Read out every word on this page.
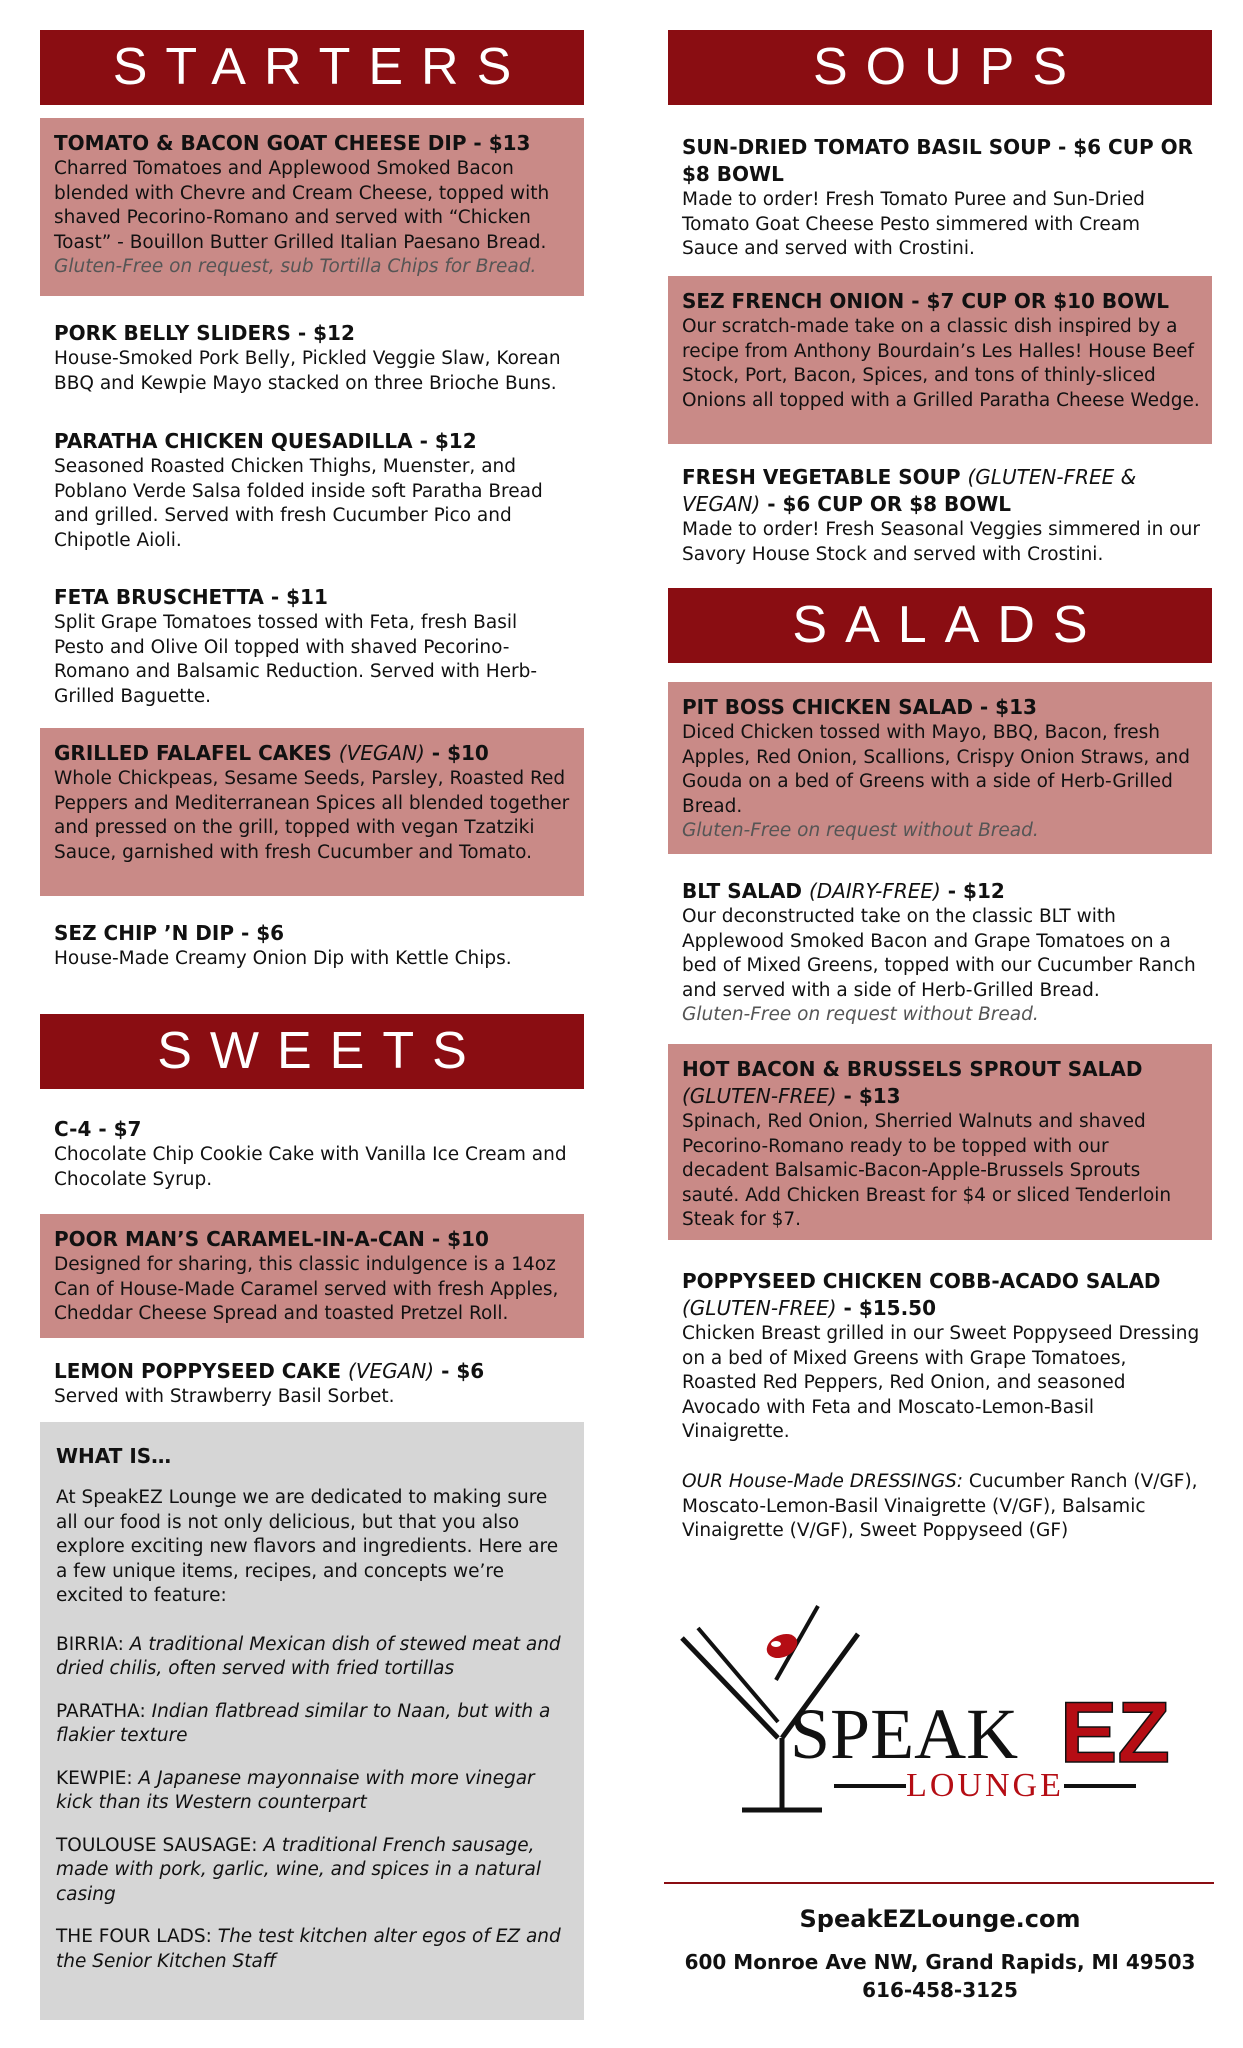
STARTERS
TOMATO & BACON GOAT CHEESE DIP - $13
Charred Tomatoes and Applewood Smoked Bacon blended with Chevre and Cream Cheese, topped with shaved Pecorino-Romano and served with “Chicken Toast” - Bouillon Butter Grilled Italian Paesano Bread.
Gluten-Free on request, sub Tortilla Chips for Bread.
PORK BELLY SLIDERS - $12
House-Smoked Pork Belly, Pickled Veggie Slaw, Korean BBQ and Kewpie Mayo stacked on three Brioche Buns.
PARATHA CHICKEN QUESADILLA - $12
Seasoned Roasted Chicken Thighs, Muenster, and Poblano Verde Salsa folded inside soft Paratha Bread and grilled. Served with fresh Cucumber Pico and Chipotle Aioli.
FETA BRUSCHETTA - $11
Split Grape Tomatoes tossed with Feta, fresh Basil Pesto and Olive Oil topped with shaved Pecorino-Romano and Balsamic Reduction. Served with Herb-Grilled Baguette.
GRILLED FALAFEL CAKES (VEGAN) - $10
Whole Chickpeas, Sesame Seeds, Parsley, Roasted Red Peppers and Mediterranean Spices all blended together and pressed on the grill, topped with vegan Tzatziki Sauce, garnished with fresh Cucumber and Tomato.
SEZ CHIP ’N DIP - $6
House-Made Creamy Onion Dip with Kettle Chips.
SWEETS
C-4 - $7
Chocolate Chip Cookie Cake with Vanilla Ice Cream and Chocolate Syrup.
POOR MAN’S CARAMEL-IN-A-CAN - $10
Designed for sharing, this classic indulgence is a 14oz Can of House-Made Caramel served with fresh Apples, Cheddar Cheese Spread and toasted Pretzel Roll.
LEMON POPPYSEED CAKE (VEGAN) - $6
Served with Strawberry Basil Sorbet.
WHAT IS…
At SpeakEZ Lounge we are dedicated to making sure all our food is not only delicious, but that you also explore exciting new flavors and ingredients. Here are a few unique items, recipes, and concepts we’re excited to feature:
BIRRIA: A traditional Mexican dish of stewed meat and dried chilis, often served with fried tortillas
PARATHA: Indian flatbread similar to Naan, but with a flakier texture
KEWPIE: A Japanese mayonnaise with more vinegar kick than its Western counterpart
TOULOUSE SAUSAGE: A traditional French sausage, made with pork, garlic, wine, and spices in a natural casing
THE FOUR LADS: The test kitchen alter egos of EZ and the Senior Kitchen Staff
SOUPS
SUN-DRIED TOMATO BASIL SOUP - $6 CUP OR $8 BOWL
Made to order! Fresh Tomato Puree and Sun-Dried Tomato Goat Cheese Pesto simmered with Cream Sauce and served with Crostini.
SEZ FRENCH ONION - $7 CUP OR $10 BOWL
Our scratch-made take on a classic dish inspired by a recipe from Anthony Bourdain’s Les Halles! House Beef Stock, Port, Bacon, Spices, and tons of thinly-sliced Onions all topped with a Grilled Paratha Cheese Wedge.
FRESH VEGETABLE SOUP (GLUTEN-FREE & VEGAN) - $6 CUP OR $8 BOWL
Made to order! Fresh Seasonal Veggies simmered in our Savory House Stock and served with Crostini.
SALADS
PIT BOSS CHICKEN SALAD - $13
Diced Chicken tossed with Mayo, BBQ, Bacon, fresh Apples, Red Onion, Scallions, Crispy Onion Straws, and Gouda on a bed of Greens with a side of Herb-Grilled Bread.
Gluten-Free on request without Bread.
BLT SALAD (DAIRY-FREE) - $12
Our deconstructed take on the classic BLT with Applewood Smoked Bacon and Grape Tomatoes on a bed of Mixed Greens, topped with our Cucumber Ranch and served with a side of Herb-Grilled Bread.
Gluten-Free on request without Bread.
HOT BACON & BRUSSELS SPROUT SALAD (GLUTEN-FREE) - $13
Spinach, Red Onion, Sherried Walnuts and shaved Pecorino-Romano ready to be topped with our decadent Balsamic-Bacon-Apple-Brussels Sprouts sauté. Add Chicken Breast for $4 or sliced Tenderloin Steak for $7.
POPPYSEED CHICKEN COBB-ACADO SALAD (GLUTEN-FREE) - $15.50
Chicken Breast grilled in our Sweet Poppyseed Dressing on a bed of Mixed Greens with Grape Tomatoes, Roasted Red Peppers, Red Onion, and seasoned Avocado with Feta and Moscato-Lemon-Basil Vinaigrette.
OUR House-Made DRESSINGS: Cucumber Ranch (V/GF), Moscato-Lemon-Basil Vinaigrette (V/GF), Balsamic Vinaigrette (V/GF), Sweet Poppyseed (GF)
SPEAK EZ
LOUNGE
SpeakEZLounge.com
600 Monroe Ave NW, Grand Rapids, MI 49503
616-458-3125
